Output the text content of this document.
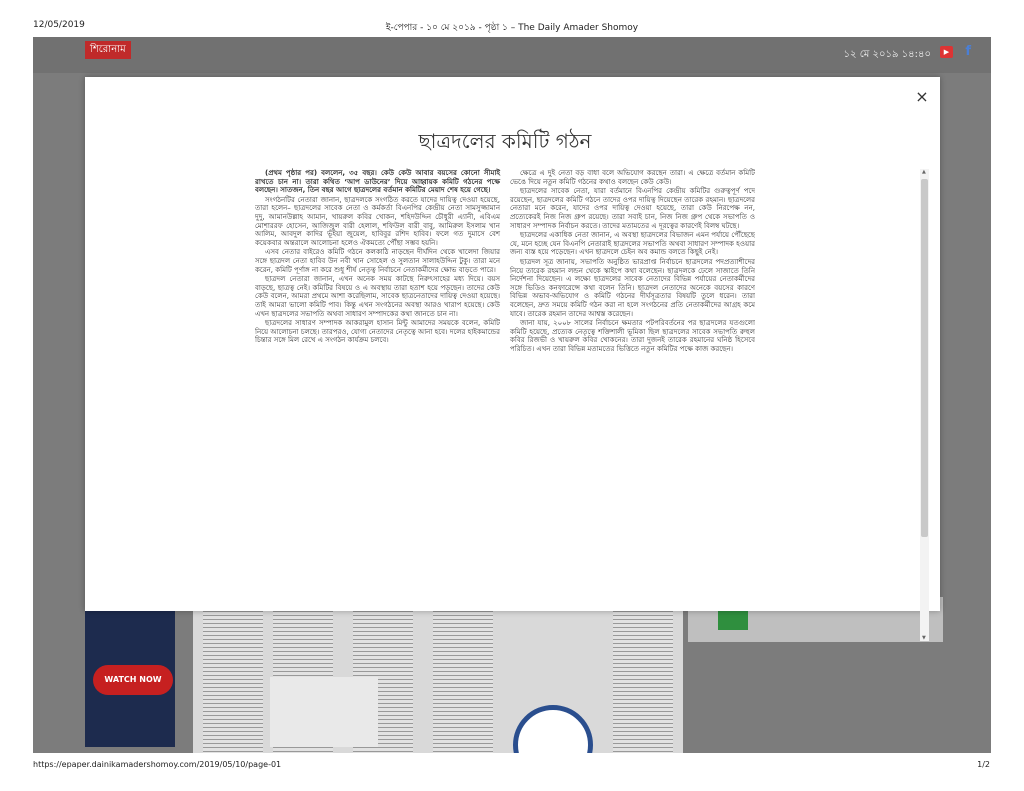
12/05/2019	ই-পেপার - ১০ মে ২০১৯ - পৃষ্ঠা ১ – The Daily Amader Shomoy
শিরোনাম	১২ মে ২০১৯ ১৪:৪০	▶ f
WATCH NOW
×
ছাত্রদলের কমিটি গঠন

(প্রথম পৃষ্ঠার পর) বললেন, ৩৫ বছর। কেউ কেউ আবার বয়সের কোনো সীমাই রাখতে চান না। তারা কথিত ‘আপ ডাউনের’ দিয়ে আহ্বায়ক কমিটি গঠনের পক্ষে বলছেন। সাতজন, তিন বছর আগে ছাত্রদলের বর্তমান কমিটির মেয়াদ শেষ হয়ে গেছে।

সংগঠনটির নেতারা জানান, ছাত্রদলকে সংগঠিত করতে যাদের দায়িত্ব দেওয়া হয়েছে, তারা হলেন– ছাত্রদলের সাবেক নেতা ও কর্মকর্তা বিএনপির কেন্দ্রীয় নেতা সামসুজ্জামান দুদু, আমানউল্লাহ আমান, খায়রুল কবির খোকন, শহিদউদ্দিন চৌধুরী এ্যানী, এবিএম মোশাররফ হোসেন, আজিজুল বারী হেলাল, শফিউল বারী বাবু, আমিরুল ইসলাম খান আলিম, আবদুল কাদির ভূঁইয়া জুয়েল, হাবিবুর রশিদ হাবিব। ফলে গত দুমাসে বেশ কয়েকবার অন্তরালে আলোচনা হলেও ঐকমত্যে পৌঁছা সম্ভব হয়নি।

এসব নেতার বাইরেও কমিটি গঠনে কলকাঠি নাড়ছেন দীর্ঘদিন থেকে খালেদা জিয়ার সঙ্গে ছাত্রদল নেতা হাবিব উন নবী খান সোহেল ও সুলতান সালাহউদ্দিন টুকু। তারা মনে করেন, কমিটি পূর্ণাঙ্গ না করে শুধু শীর্ষ নেতৃত্ব নির্বাচনে নেতাকর্মীদের ক্ষোভ বাড়তে পারে।

ছাত্রদল নেতারা জানান, এখন অনেক সময় কাটছে নিরুৎসাহের মধ্য দিয়ে। বয়স বাড়ছে, ছাত্রত্ব নেই। কমিটির বিষয়ে ও এ অবস্থায় তারা হতাশ হয়ে পড়ছেন। তাদের কেউ কেউ বলেন, আমরা প্রথমে আশা করেছিলাম, সাবেক ছাত্রনেতাদের দায়িত্ব দেওয়া হয়েছে। তাই আমরা ভালো কমিটি পাব। কিন্তু এখন সংগঠনের অবস্থা আরও খারাপ হয়েছে। কেউ এখন ছাত্রদলের সভাপতি অথবা সাধারণ সম্পাদকের কথা জানতে চান না।

ছাত্রদলের সাধারণ সম্পাদক আকরামুল হাসান মিন্টু আমাদের সময়কে বলেন, কমিটি নিয়ে আলোচনা চলছে। তারপরও, যোগ্য নেতাদের নেতৃত্বে আনা হবে। দলের হাইকমান্ডের চিন্তার সঙ্গে মিল রেখে এ সংগঠন কার্যক্রম চলবে।

ক্ষেত্রে এ দুই নেতা বড় বাধা বলে অভিযোগ করছেন তারা। এ ক্ষেত্রে বর্তমান কমিটি ভেঙে দিয়ে নতুন কমিটি গঠনের কথাও বলছেন কেউ কেউ।

ছাত্রদলের সাবেক নেতা, যারা বর্তমানে বিএনপির কেন্দ্রীয় কমিটির গুরুত্বপূর্ণ পদে রয়েছেন, ছাত্রদলের কমিটি গঠনে তাদের ওপর দায়িত্ব দিয়েছেন তারেক রহমান। ছাত্রদলের নেতারা মনে করেন, যাদের ওপর দায়িত্ব দেওয়া হয়েছে, তারা কেউ নিরপেক্ষ নন, প্রত্যেকেরই নিজ নিজ গ্রুপ রয়েছে। তারা সবাই চান, নিজ নিজ গ্রুপ থেকে সভাপতি ও সাধারণ সম্পাদক নির্বাচন করতে। তাদের মতামতের এ দূরত্বের কারণেই বিলম্ব ঘটছে।

ছাত্রদলের একাধিক নেতা জানান, এ অবস্থা ছাত্রদলের বিভাজন এমন পর্যায়ে পৌঁছেছে যে, মনে হচ্ছে যেন বিএনপি নেতারাই ছাত্রদলের সভাপতি অথবা সাধারণ সম্পাদক হওয়ার জন্য ব্যস্ত হয়ে পড়েছেন। এখন ছাত্রদলে চেইন অব কমান্ড বলতে কিছুই নেই।

ছাত্রদল সূত্র জানায়, সভাপতি অনুষ্ঠিত ভারপ্রাপ্ত নির্বাচনে ছাত্রদলের পদপ্রত্যাশীদের নিয়ে তারেক রহমান লন্ডন থেকে স্কাইপে কথা বলেছেন। ছাত্রদলকে ঢেলে সাজাতে তিনি নির্দেশনা দিয়েছেন। এ লক্ষ্যে ছাত্রদলের সাবেক নেতাদের বিভিন্ন পর্যায়ের নেতাকর্মীদের সঙ্গে ভিডিও কনফারেন্সে কথা বলেন তিনি। ছাত্রদল নেতাদের অনেকে বয়সের কারণে বিভিন্ন অভাব-অভিযোগ ও কমিটি গঠনের দীর্ঘসূত্রতার বিষয়টি তুলে ধরেন। তারা বলেছেন, দ্রুত সময়ে কমিটি গঠন করা না হলে সংগঠনের প্রতি নেতাকর্মীদের আগ্রহ কমে যাবে। তারেক রহমান তাদের আশ্বস্ত করেছেন।

জানা যায়, ২০০৮ সালের নির্বাচনে ক্ষমতার পটপরিবর্তনের পর ছাত্রদলের যতগুলো কমিটি হয়েছে, প্রত্যেক নেতৃত্বে শক্তিশালী ভূমিকা ছিল ছাত্রদলের সাবেক সভাপতি রুহুল কবির রিজভী ও খায়রুল কবির খোকনের। তারা দুজনই তারেক রহমানের ঘনিষ্ঠ হিসেবে পরিচিত। এখন তারা বিভিন্ন মতামতের ভিত্তিতে নতুন কমিটির পক্ষে কাজ করছেন।

▲
▼
https://epaper.dainikamadershomoy.com/2019/05/10/page-01	1/2
